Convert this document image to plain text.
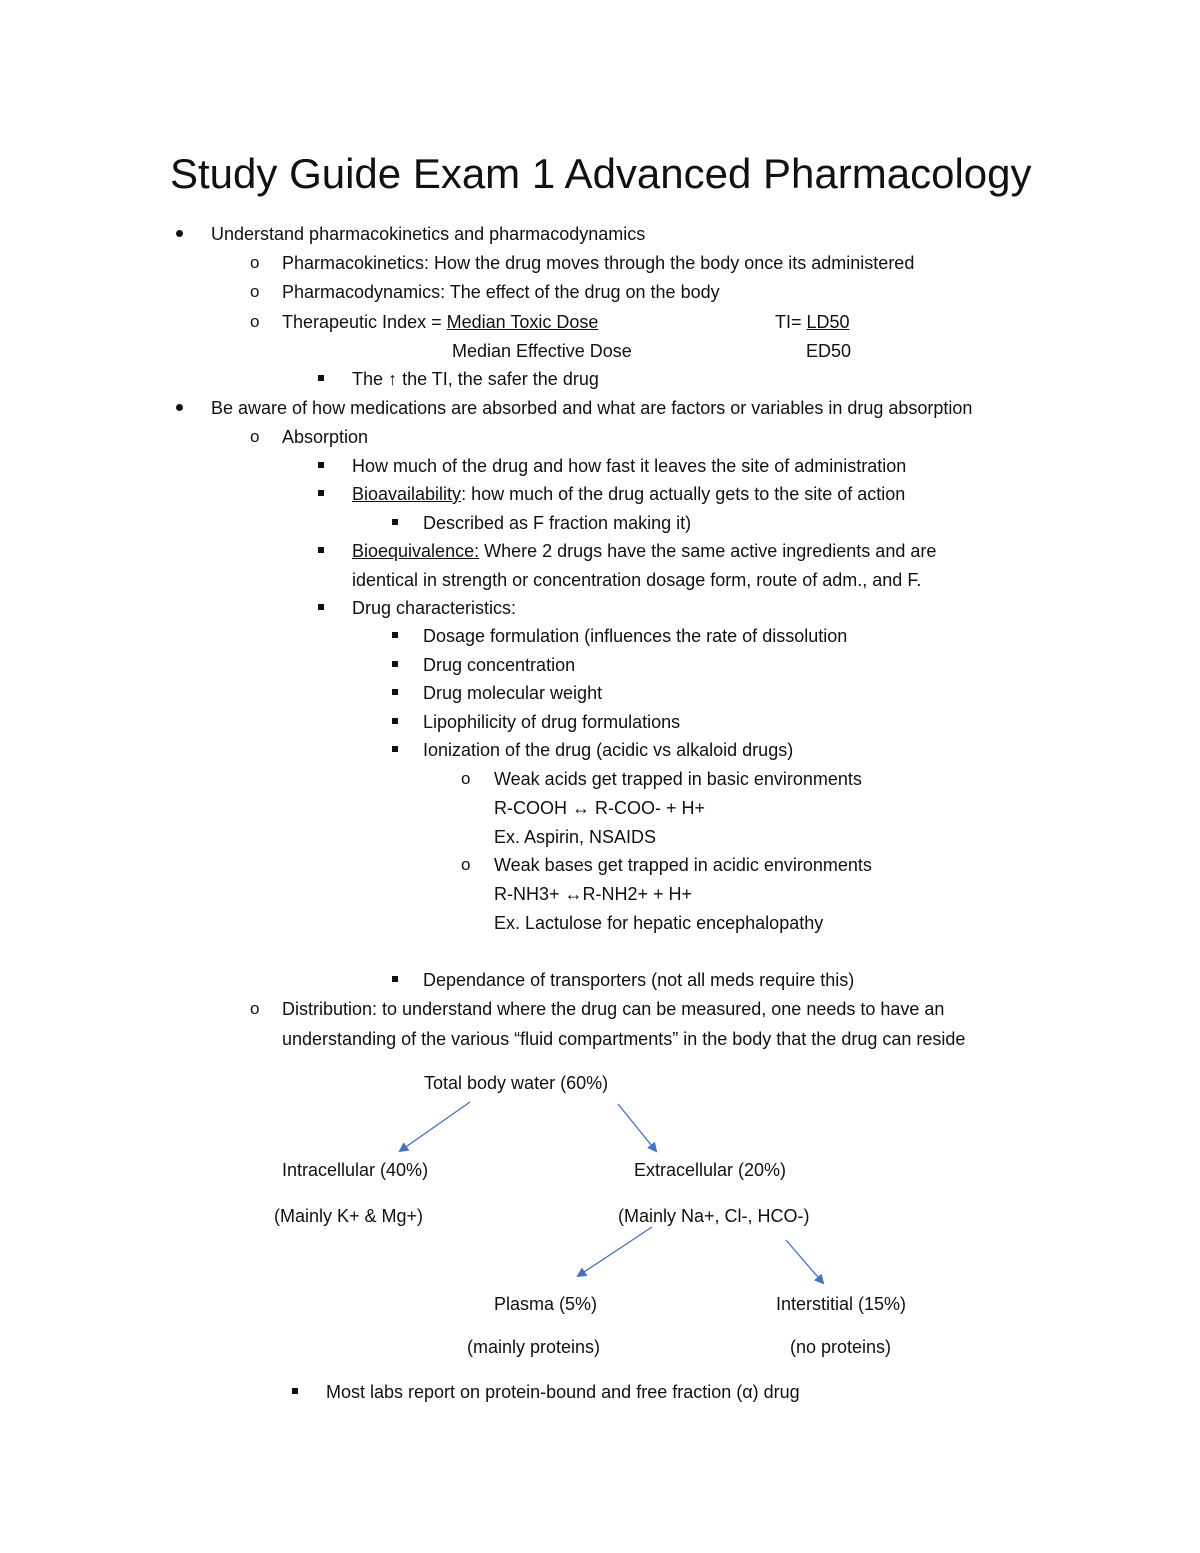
Study Guide Exam 1 Advanced Pharmacology
Understand pharmacokinetics and pharmacodynamics
o Pharmacokinetics: How the drug moves through the body once its administered
o Pharmacodynamics: The effect of the drug on the body
o Therapeutic Index = Median Toxic Dose	TI= LD50
Median Effective Dose	ED50
The ↑ the TI, the safer the drug
Be aware of how medications are absorbed and what are factors or variables in drug absorption
o Absorption
How much of the drug and how fast it leaves the site of administration
Bioavailability: how much of the drug actually gets to the site of action
Described as F fraction making it)
Bioequivalence: Where 2 drugs have the same active ingredients and are
identical in strength or concentration dosage form, route of adm., and F.
Drug characteristics:
Dosage formulation (influences the rate of dissolution
Drug concentration
Drug molecular weight
Lipophilicity of drug formulations
Ionization of the drug (acidic vs alkaloid drugs)
o Weak acids get trapped in basic environments
R-COOH ↔ R-COO- + H+
Ex. Aspirin, NSAIDS
o Weak bases get trapped in acidic environments
R-NH3+ ↔R-NH2+ + H+
Ex. Lactulose for hepatic encephalopathy
Dependance of transporters (not all meds require this)
o Distribution: to understand where the drug can be measured, one needs to have an
understanding of the various “fluid compartments” in the body that the drug can reside
Total body water (60%)
Intracellular (40%)
(Mainly K+ & Mg+)
Extracellular (20%)
(Mainly Na+, Cl-, HCO-)
Plasma (5%)
(mainly proteins)
Interstitial (15%)
(no proteins)
Most labs report on protein-bound and free fraction (α) drug
